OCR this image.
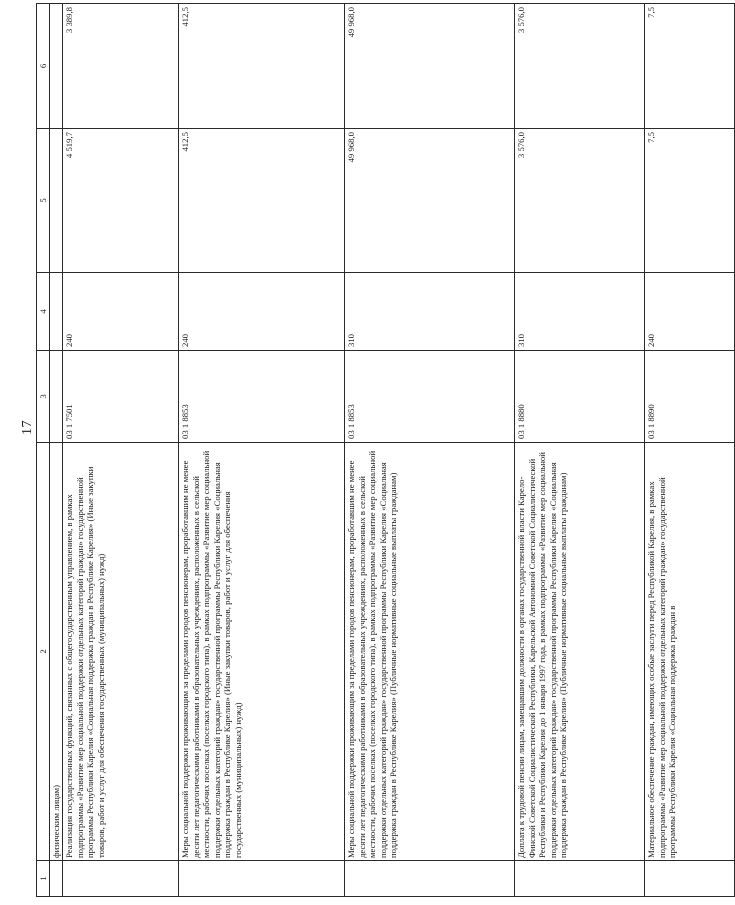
17
1	2	3	4	5	6
	физическим лицам)				
	Реализация государственных функций, связанных с общегосударственным управлением, в рамках подпрограммы «Развитие мер социальной поддержки отдельных категорий граждан» государственной программы Республики Карелия «Социальная поддержка граждан в Республике Карелия» (Иные закупки товаров, работ и услуг для обеспечения государственных (муниципальных) нужд)	03 1 7501	240	4 519,7	3 389,8
	Меры социальной поддержки проживающим за пределами городов пенсионерам, проработавшим не менее десяти лет педагогическими работниками в образовательных учреждениях, расположенных в сельской местности, рабочих поселках (поселках городского типа), в рамках подпрограммы «Развитие мер социальной поддержки отдельных категорий граждан» государственной программы Республики Карелия «Социальная поддержка граждан в Республике Карелия» (Иные закупки товаров, работ и услуг для обеспечения государственных (муниципальных) нужд)	03 1 8853	240	412,5	412,5
	Меры социальной поддержки проживающим за пределами городов пенсионерам, проработавшим не менее десяти лет педагогическими работниками в образовательных учреждениях, расположенных в сельской местности, рабочих поселках (поселках городского типа), в рамках подпрограммы «Развитие мер социальной поддержки отдельных категорий граждан» государственной программы Республики Карелия «Социальная поддержка граждан в Республике Карелия» (Публичные нормативные социальные выплаты гражданам)	03 1 8853	310	49 968,0	49 968,0
	Доплата к трудовой пенсии лицам, замещавшим должности в органах государственной власти Карело-Финской Советской Социалистической Республики, Карельской Автономной Советской Социалистической Республики и Республики Карелия до 1 января 1997 года, в рамках подпрограммы «Развитие мер социальной поддержки отдельных категорий граждан» государственной программы Республики Карелия «Социальная поддержка граждан в Республике Карелия» (Публичные нормативные социальные выплаты гражданам)	03 1 8880	310	3 576,0	3 576,0
	Материальное обеспечение граждан, имеющих особые заслуги перед Республикой Карелия, в рамках подпрограммы «Развитие мер социальной поддержки отдельных категорий граждан» государственной программы Республики Карелия «Социальная поддержка граждан в	03 1 8890	240	7,5	7,5
